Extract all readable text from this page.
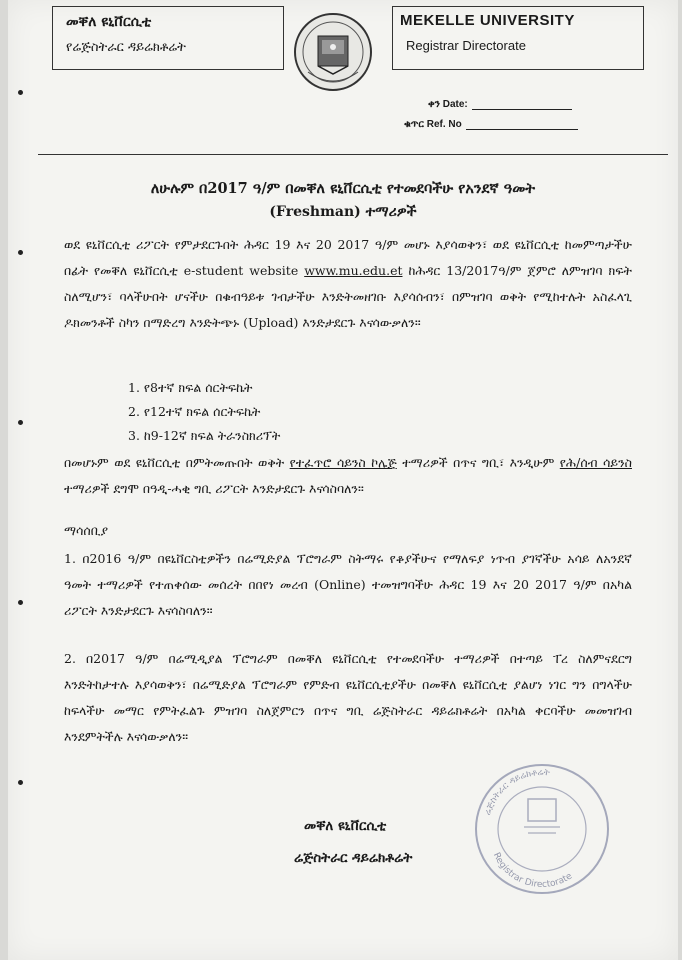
መቐለ ዩኒቨርሲቲ
የሬጅስትራር ዳይሬክቶሬት
MEKELLE UNIVERSITY
Registrar Directorate
ቀን Date:
ቁጥር Ref. No
ለሁሉም በ2017 ዓ/ም በመቐለ ዩኒቨርሲቲ የተመደባችሁ የአንደኛ ዓመት
(Freshman) ተማሪዎች
ወደ ዩኒቨርሲቲ ሪፖርት የምታደርጉበት ሕዳር 19 እና 20 2017 ዓ/ም መሆኑ እያሳወቅን፣ ወደ ዩኒቨርሲቲ ከመምጣታችሁ በፊት የመቐለ ዩኒቨርሲቲ e-student website www.mu.edu.et ከሕዳር 13/2017ዓ/ም ጀምሮ ለምዝገባ ክፍት ስለሚሆን፣ ባላችሁበት ሆናችሁ በቁብዓይቱ ገብታችሁ እንድትመዘገቡ እያሳሰብን፣ በምዝገባ ወቅት የሚከተሉት አስፈላጊ ዶክመንቶች ስካን በማድረግ እንድትጭኑ (Upload) እንድታደርጉ እናሳውቃለን።
1. የ8ተኛ ክፍል ሰርትፍኬት
2. የ12ተኛ ክፍል ሰርትፍኬት
3. ከ9-12ኛ ክፍል ትራንስክሪፕት
በመሆኑም ወደ ዩኒቨርሲቲ በምትመጡበት ወቅት የተፈጥሮ ሳይንስ ኮሌጅ ተማሪዎች በጥና ግቢ፣ እንዲሁም የሕ/ሰብ ሳይንስ ተማሪዎች ደግሞ በዓዲ-ሓቂ ግቢ ሪፖርት እንድታደርጉ እናሳስባለን።
ማሳሰቢያ
1. በ2016 ዓ/ም በዩኒቨርስቲዎችን በሬሚድያል ፕሮግራም ስትማሩ የቆያችሁና የማለፍያ ነጥብ ያገኛችሁ አሳይ ለአንደኛ ዓመት ተማሪዎች የተጠቀሰው መሰረት በበየነ መረብ (Online) ተመዝግባችሁ ሕዳር 19 እና 20 2017 ዓ/ም በአካል ሪፖርት እንድታደርጉ እናሳስባለን።
2. በ2017 ዓ/ም በሬሚዲያል ፕሮግራም በመቐለ ዩኒቨርሲቲ የተመደባችሁ ተማሪዎች በተጣይ ፐረ ስለምናደርግ እንድትከታተሉ እያሳወቅን፣ በሬሚድያል ፕሮግራም የምድብ ዩኒቨርሲቲያችሁ በመቐለ ዩኒቨርሲቲ ያልሆነ ነገር ግን በግላችሁ ከፍላችሁ መማር የምትፈልጉ ምዝገባ ስለጀምርን በጥና ግቢ ሬጅስትራር ዳይሬክቶሬት በአካል ቀርባችሁ መመዝገብ እንደምትችሉ እናሳውቃለን።
መቐለ ዩኒቨርሲቲ
ሬጅስትራር ዳይሬክቶሬት
ሬጅስትራር ዳይሬክቶሬት
Registrar Directorate
